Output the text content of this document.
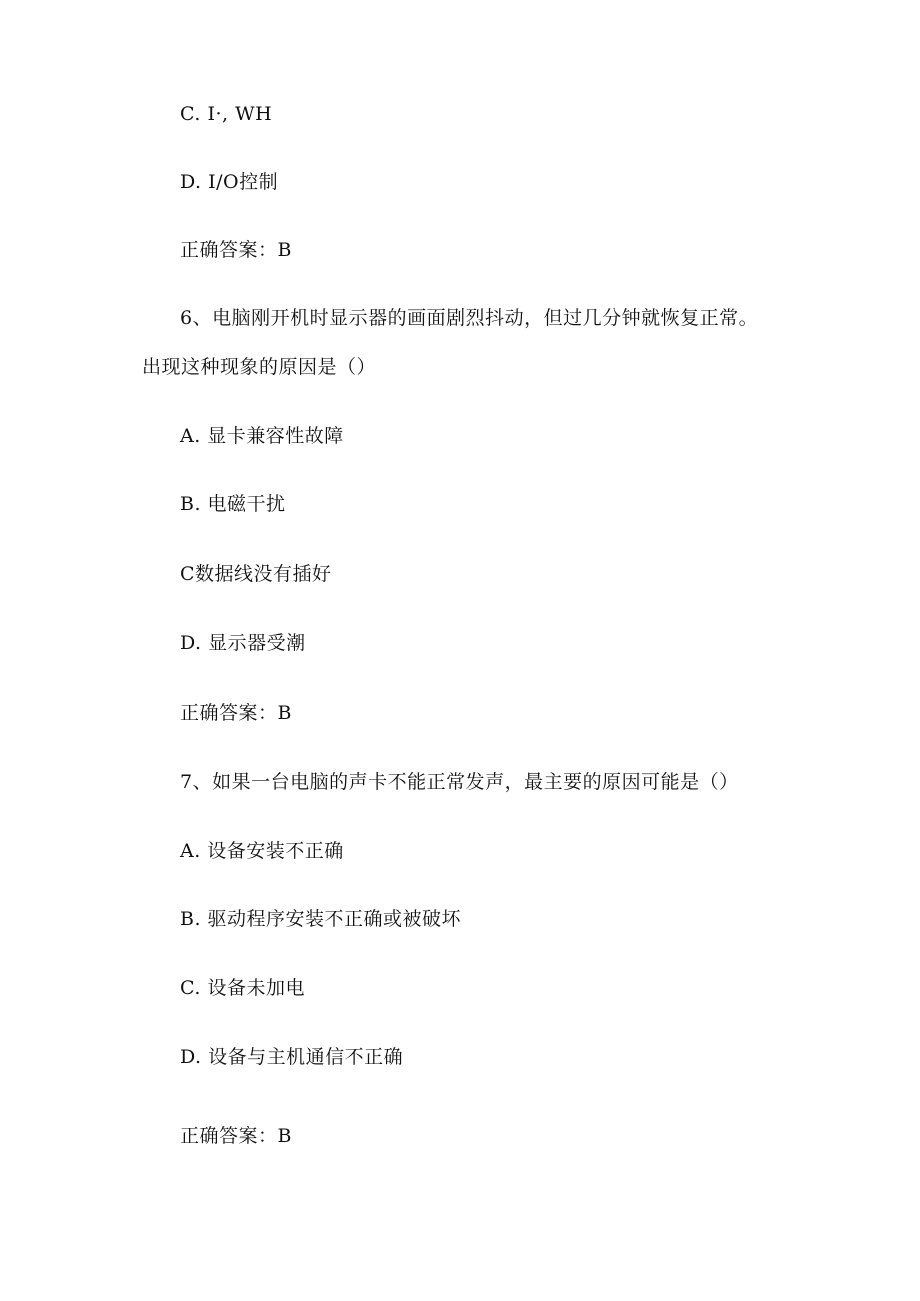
C. I·, WH
D. I/O控制
正确答案：B
6、电脑刚开机时显示器的画面剧烈抖动，但过几分钟就恢复正常。
出现这种现象的原因是（）
A. 显卡兼容性故障
B. 电磁干扰
C数据线没有插好
D. 显示器受潮
正确答案：B
7、如果一台电脑的声卡不能正常发声，最主要的原因可能是（）
A. 设备安装不正确
B. 驱动程序安装不正确或被破坏
C. 设备未加电
D. 设备与主机通信不正确
正确答案：B
